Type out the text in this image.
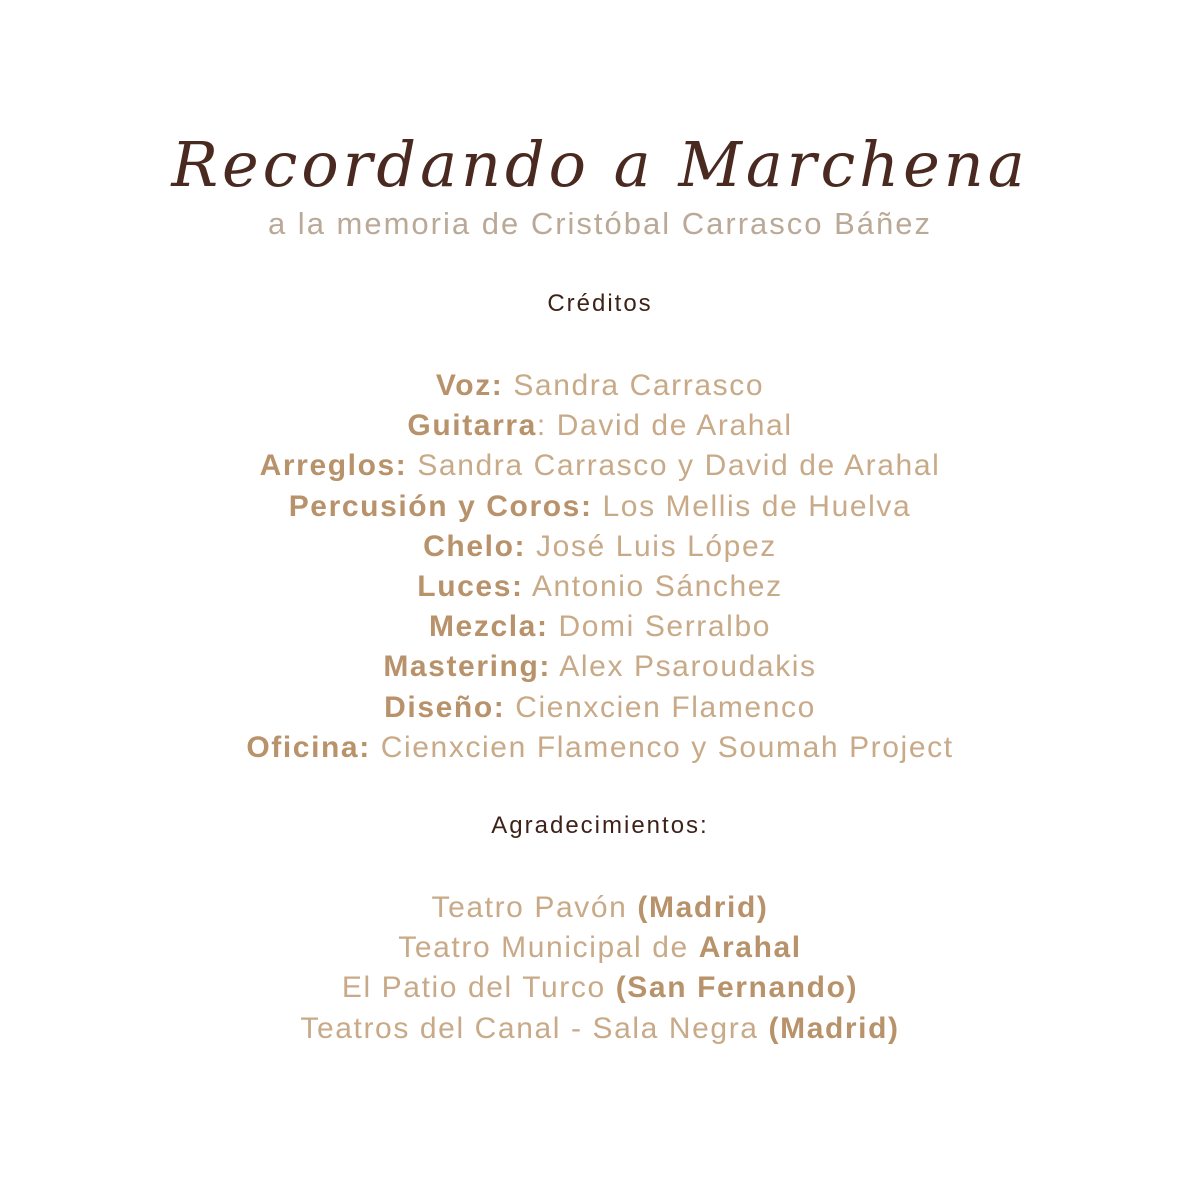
Recordando a Marchena
a la memoria de Cristóbal Carrasco Báñez
Créditos
Voz: Sandra Carrasco
Guitarra: David de Arahal
Arreglos: Sandra Carrasco y David de Arahal
Percusión y Coros: Los Mellis de Huelva
Chelo: José Luis López
Luces: Antonio Sánchez
Mezcla: Domi Serralbo
Mastering: Alex Psaroudakis
Diseño: Cienxcien Flamenco
Oficina: Cienxcien Flamenco y Soumah Project
Agradecimientos:
Teatro Pavón (Madrid)
Teatro Municipal de Arahal
El Patio del Turco (San Fernando)
Teatros del Canal - Sala Negra (Madrid)
